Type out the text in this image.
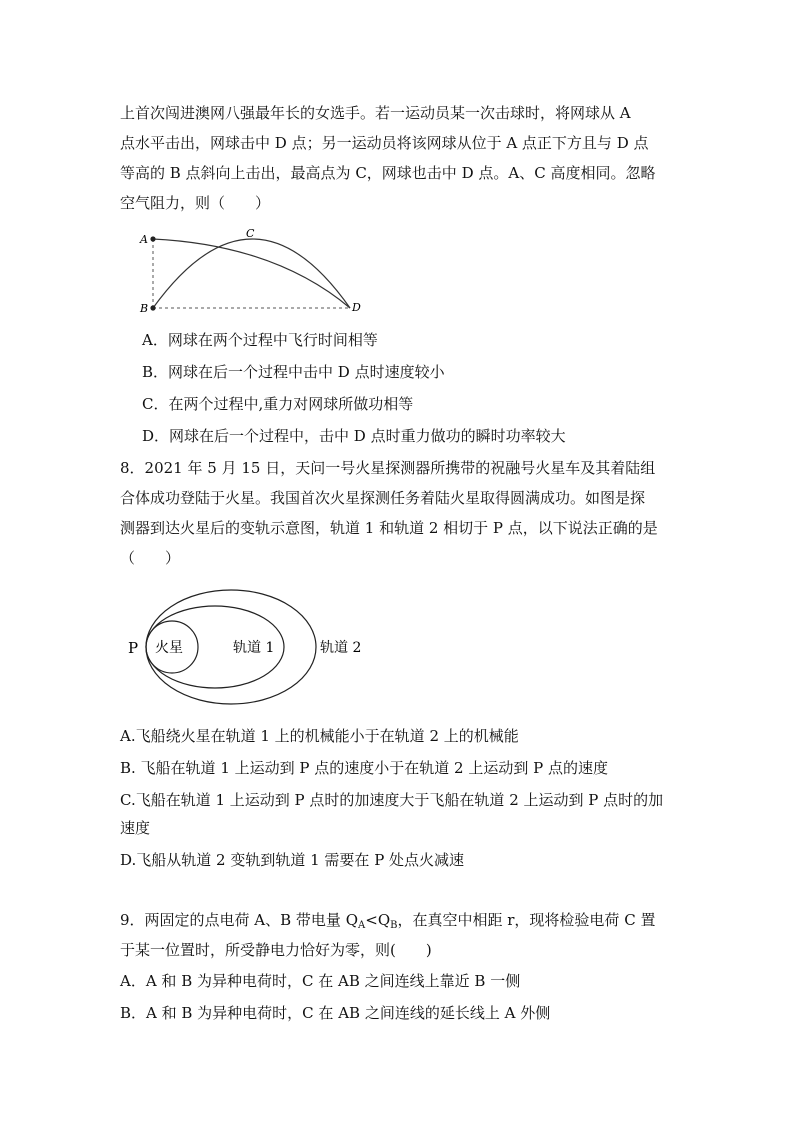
上首次闯进澳网八强最年长的女选手。若一运动员某一次击球时，将网球从 A
点水平击出，网球击中 D 点；另一运动员将该网球从位于 A 点正下方且与 D 点
等高的 B 点斜向上击出，最高点为 C，网球也击中 D 点。A、C 高度相同。忽略
空气阻力，则（　　）
A
B
C
D
A．网球在两个过程中飞行时间相等
B．网球在后一个过程中击中 D 点时速度较小
C．在两个过程中,重力对网球所做功相等
D．网球在后一个过程中，击中 D 点时重力做功的瞬时功率较大
8．2021 年 5 月 15 日，天问一号火星探测器所携带的祝融号火星车及其着陆组
合体成功登陆于火星。我国首次火星探测任务着陆火星取得圆满成功。如图是探
测器到达火星后的变轨示意图，轨道 1 和轨道 2 相切于 P 点，以下说法正确的是
（　　）
P 火星	轨道 1	轨道 2
A.飞船绕火星在轨道 1 上的机械能小于在轨道 2 上的机械能
B. 飞船在轨道 1 上运动到 P 点的速度小于在轨道 2 上运动到 P 点的速度
C.飞船在轨道 1 上运动到 P 点时的加速度大于飞船在轨道 2 上运动到 P 点时的加
速度
D.飞船从轨道 2 变轨到轨道 1 需要在 P 处点火减速
9．两固定的点电荷 A、B 带电量 $Q_A<Q_B$，在真空中相距 r，现将检验电荷 C 置
于某一位置时，所受静电力恰好为零，则(　　)
A．A 和 B 为异种电荷时，C 在 AB 之间连线上靠近 B 一侧
B．A 和 B 为异种电荷时，C 在 AB 之间连线的延长线上 A 外侧
